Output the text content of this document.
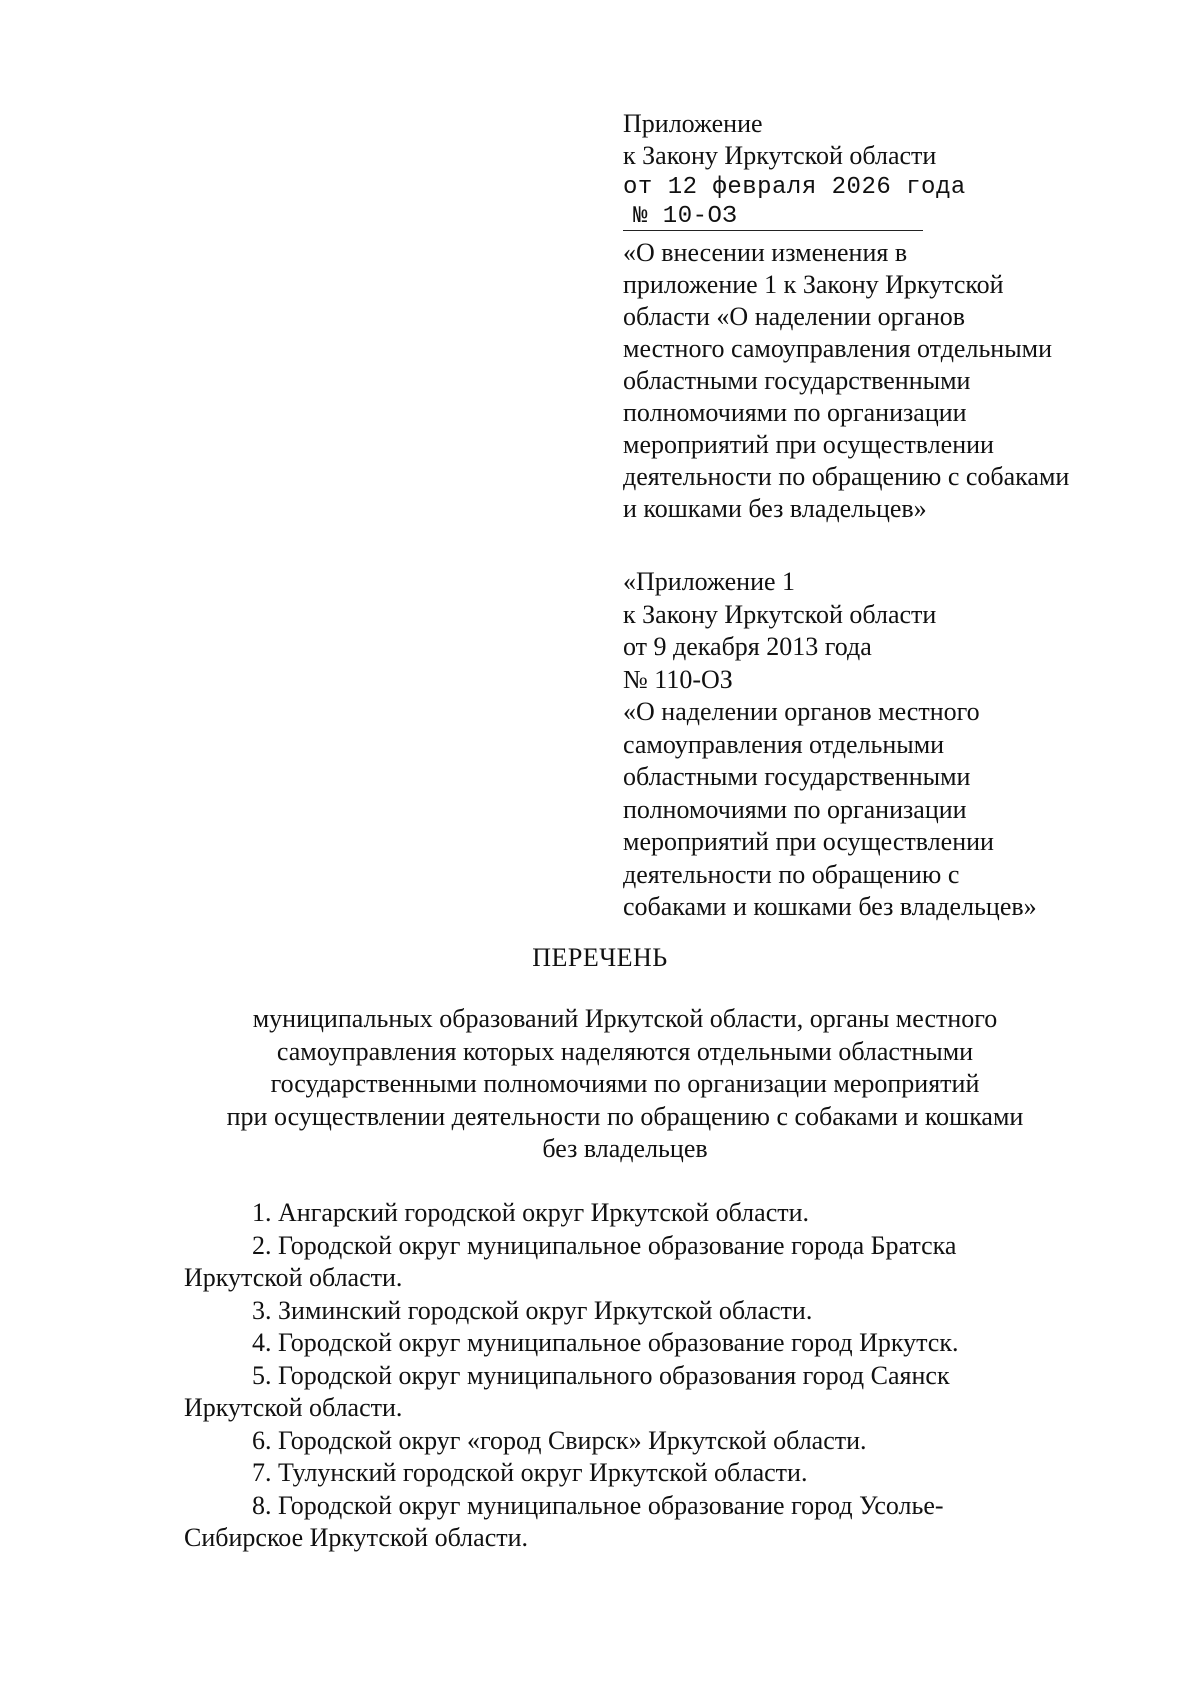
Приложение
к Закону Иркутской области
от 12 февраля 2026 года
№ 10-ОЗ
«О внесении изменения в
приложение 1 к Закону Иркутской
области «О наделении органов
местного самоуправления отдельными
областными государственными
полномочиями по организации
мероприятий при осуществлении
деятельности по обращению с собаками
и кошками без владельцев»
«Приложение 1
к Закону Иркутской области
от 9 декабря 2013 года
№ 110-ОЗ
«О наделении органов местного
самоуправления отдельными
областными государственными
полномочиями по организации
мероприятий при осуществлении
деятельности по обращению с
собаками и кошками без владельцев»
ПЕРЕЧЕНЬ
муниципальных образований Иркутской области, органы местного
самоуправления которых наделяются отдельными областными
государственными полномочиями по организации мероприятий
при осуществлении деятельности по обращению с собаками и кошками
без владельцев
1. Ангарский городской округ Иркутской области.
2. Городской округ муниципальное образование города Братска
Иркутской области.
3. Зиминский городской округ Иркутской области.
4. Городской округ муниципальное образование город Иркутск.
5. Городской округ муниципального образования город Саянск
Иркутской области.
6. Городской округ «город Свирск» Иркутской области.
7. Тулунский городской округ Иркутской области.
8. Городской округ муниципальное образование город Усолье-
Сибирское Иркутской области.
